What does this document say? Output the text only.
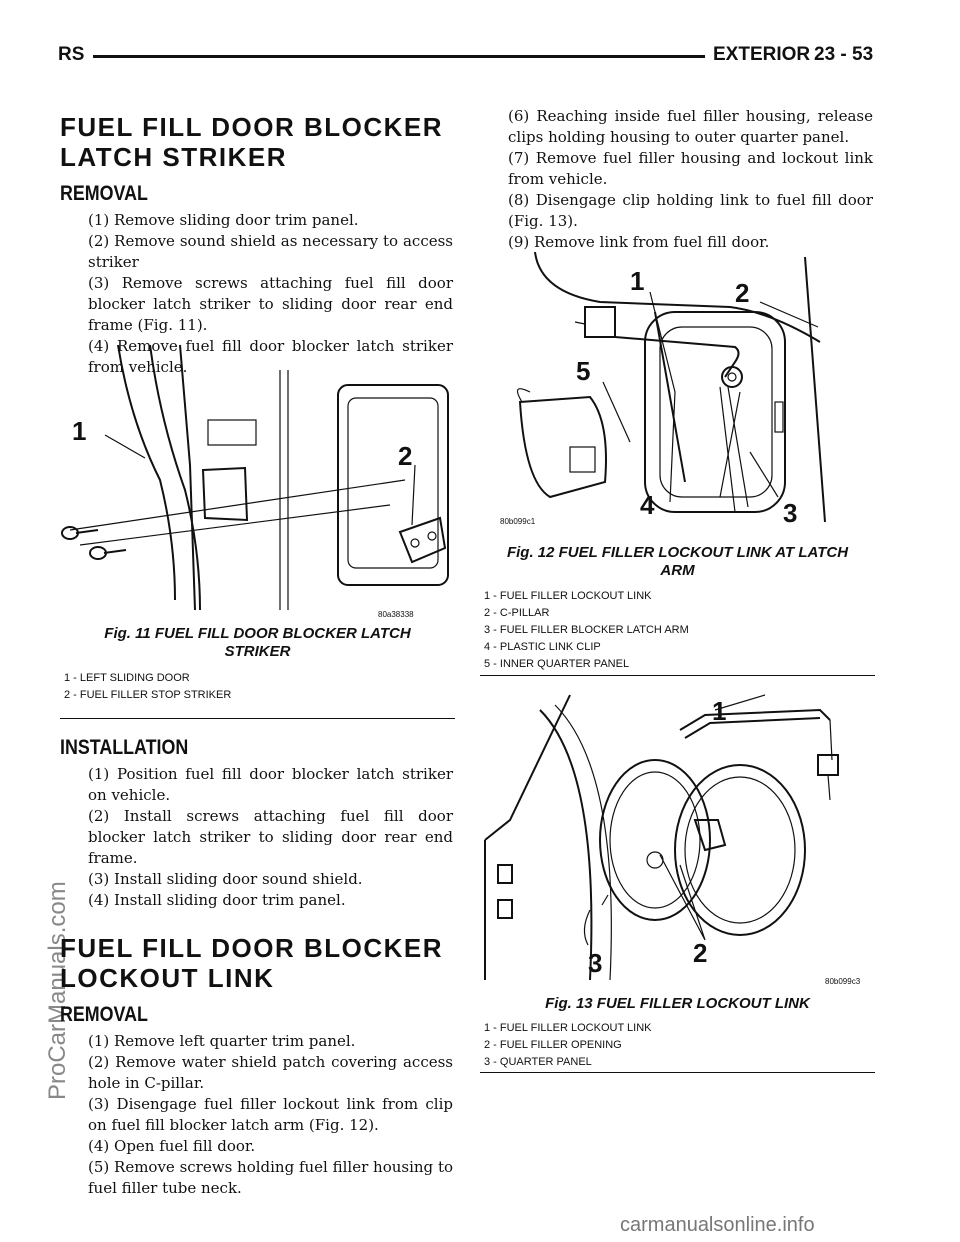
RS	EXTERIOR 23 - 53
ProCarManuals.com
FUEL FILL DOOR BLOCKER
LATCH STRIKER
REMOVAL
(1) Remove sliding door trim panel.
(2) Remove sound shield as necessary to access striker
(3) Remove screws attaching fuel fill door blocker latch striker to sliding door rear end frame (Fig. 11).
(4) Remove fuel fill door blocker latch striker from vehicle.
1
2
80a38338
Fig. 11 FUEL FILL DOOR BLOCKER LATCH
STRIKER
1 - LEFT SLIDING DOOR
2 - FUEL FILLER STOP STRIKER
INSTALLATION
(1) Position fuel fill door blocker latch striker on vehicle.
(2) Install screws attaching fuel fill door blocker latch striker to sliding door rear end frame.
(3) Install sliding door sound shield.
(4) Install sliding door trim panel.
FUEL FILL DOOR BLOCKER
LOCKOUT LINK
REMOVAL
(1) Remove left quarter trim panel.
(2) Remove water shield patch covering access hole in C-pillar.
(3) Disengage fuel filler lockout link from clip on fuel fill blocker latch arm (Fig. 12).
(4) Open fuel fill door.
(5) Remove screws holding fuel filler housing to fuel filler tube neck.
(6) Reaching inside fuel filler housing, release clips holding housing to outer quarter panel.
(7) Remove fuel filler housing and lockout link from vehicle.
(8) Disengage clip holding link to fuel fill door (Fig. 13).
(9) Remove link from fuel fill door.
1	2
3
4
5
80b099c1
Fig. 12 FUEL FILLER LOCKOUT LINK AT LATCH
ARM
1 - FUEL FILLER LOCKOUT LINK
2 - C-PILLAR
3 - FUEL FILLER BLOCKER LATCH ARM
4 - PLASTIC LINK CLIP
5 - INNER QUARTER PANEL
1
2
3
80b099c3
Fig. 13 FUEL FILLER LOCKOUT LINK
1 - FUEL FILLER LOCKOUT LINK
2 - FUEL FILLER OPENING
3 - QUARTER PANEL
carmanualsonline.info
